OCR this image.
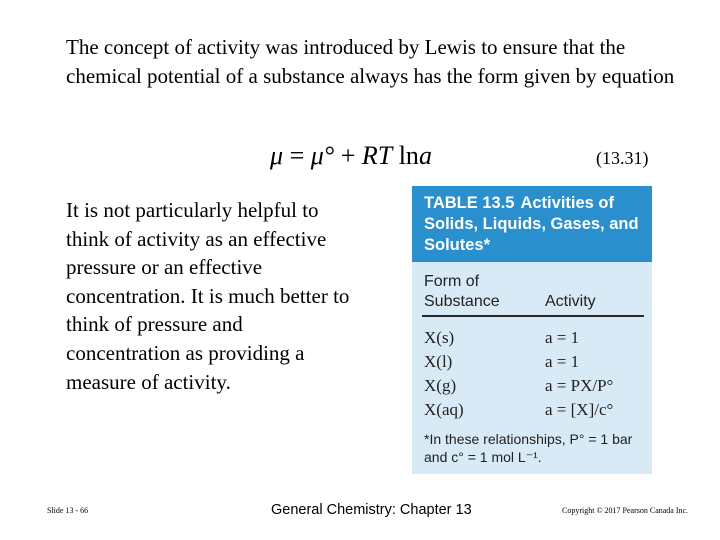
The concept of activity was introduced by Lewis to ensure that the chemical potential of a substance always has the form given by equation

μ = μ° + RT lna	(13.31)

It is not particularly helpful to think of activity as an effective pressure or an effective concentration. It is much better to think of pressure and concentration as providing a measure of activity.

TABLE 13.5 Activities of Solids, Liquids, Gases, and Solutes*
Form of Substance	Activity
X(s)	a = 1
X(l)	a = 1
X(g)	a = PX/P°
X(aq)	a = [X]/c°
*In these relationships, P° = 1 bar and c° = 1 mol L⁻¹.
Slide 13 - 66	General Chemistry: Chapter 13	Copyright © 2017 Pearson Canada Inc.
